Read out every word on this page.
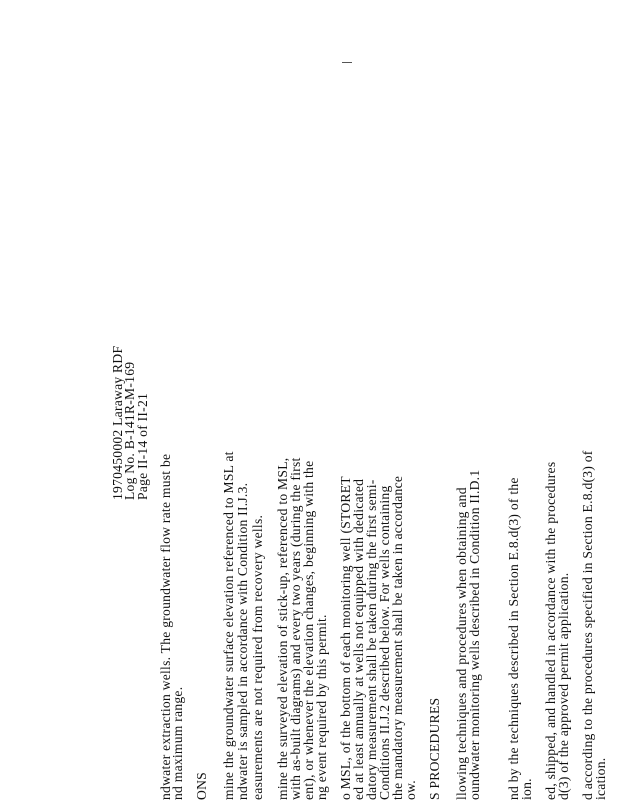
1970450002 Laraway RDF
Log No. B-141R-M-169
Page II-14 of II-21
ndwater extraction wells. The groundwater flow rate must be
nd maximum range. ONS mine the groundwater surface elevation referenced to MSL at ndwater is sampled in accordance with Condition II.J.3. easurements are not required from recovery wells. mine the surveyed elevation of stick-up, referenced to MSL,
with as-built diagrams) and every two years (during the first
ent), or whenever the elevation changes, beginning with the
ng event required by this permit. o MSL, of the bottom of each monitoring well (STORET
ed at least annually at wells not equipped with dedicated
datory measurement shall be taken during the first semi-
Conditions II.J.2 described below. For wells containing
the mandatory measurement shall be taken in accordance
ow. S PROCEDURES llowing techniques and procedures when obtaining and
oundwater monitoring wells described in Condition II.D.1 nd by the techniques described in Section E.8.d(3) of the
ion. ed, shipped, and handled in accordance with the procedures
d(3) of the approved permit application. d according to the procedures specified in Section E.8.d(3) of
ication.
